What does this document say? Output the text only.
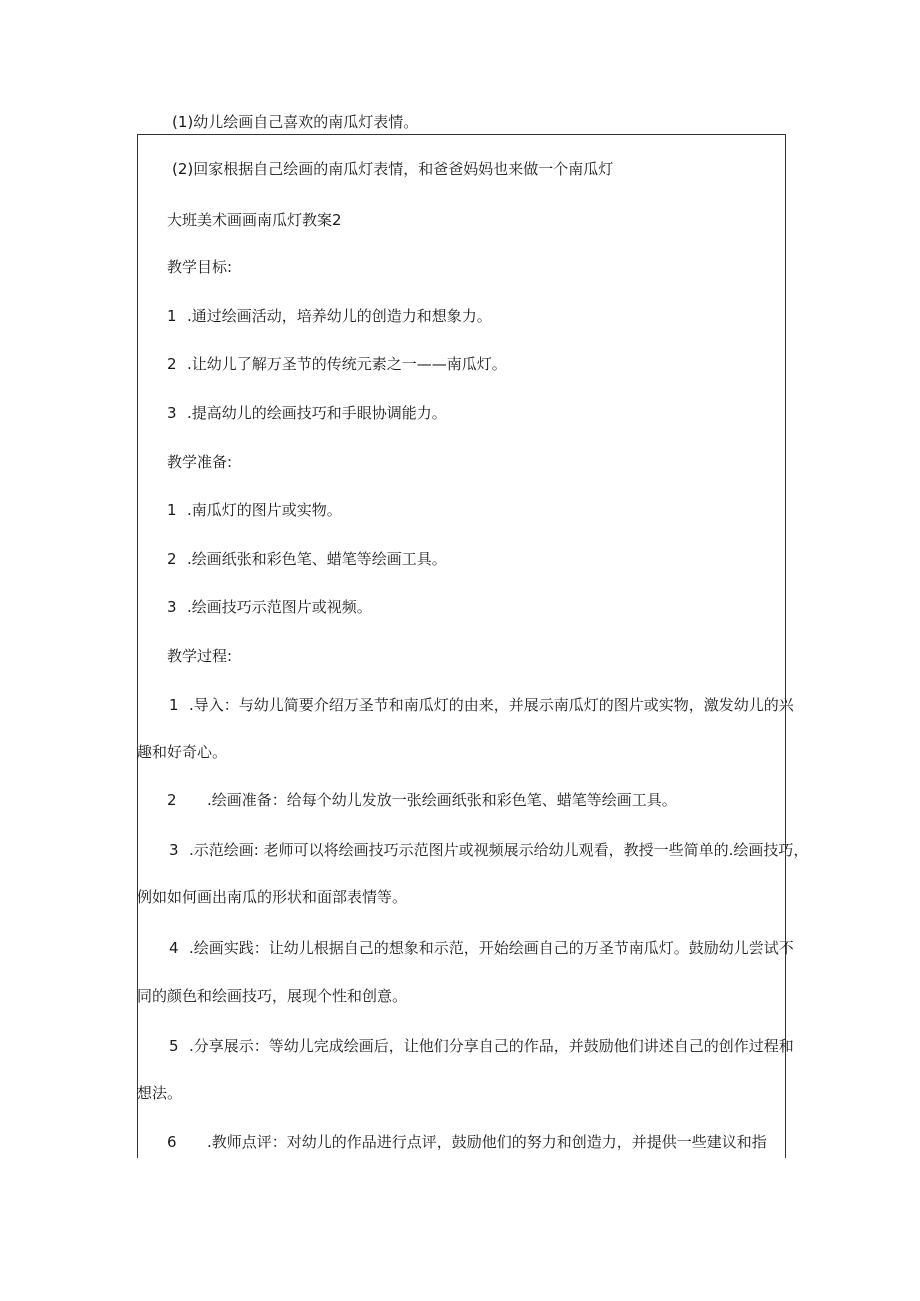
(1)幼儿绘画自己喜欢的南瓜灯表情。
(2)回家根据自己绘画的南瓜灯表情，和爸爸妈妈也来做一个南瓜灯
大班美术画画南瓜灯教案2
教学目标:
1 .通过绘画活动，培养幼儿的创造力和想象力。
2 .让幼儿了解万圣节的传统元素之一——南瓜灯。
3 .提高幼儿的绘画技巧和手眼协调能力。
教学准备:
1 .南瓜灯的图片或实物。
2 .绘画纸张和彩色笔、蜡笔等绘画工具。
3 .绘画技巧示范图片或视频。
教学过程:
1 .导入：与幼儿简要介绍万圣节和南瓜灯的由来，并展示南瓜灯的图片或实物，激发幼儿的兴
趣和好奇心。
2 .绘画准备：给每个幼儿发放一张绘画纸张和彩色笔、蜡笔等绘画工具。
3 .示范绘画: 老师可以将绘画技巧示范图片或视频展示给幼儿观看，教授一些简单的.绘画技巧，
例如如何画出南瓜的形状和面部表情等。
4 .绘画实践：让幼儿根据自己的想象和示范，开始绘画自己的万圣节南瓜灯。鼓励幼儿尝试不
同的颜色和绘画技巧，展现个性和创意。
5 .分享展示：等幼儿完成绘画后，让他们分享自己的作品，并鼓励他们讲述自己的创作过程和
想法。
6 .教师点评：对幼儿的作品进行点评，鼓励他们的努力和创造力，并提供一些建议和指
